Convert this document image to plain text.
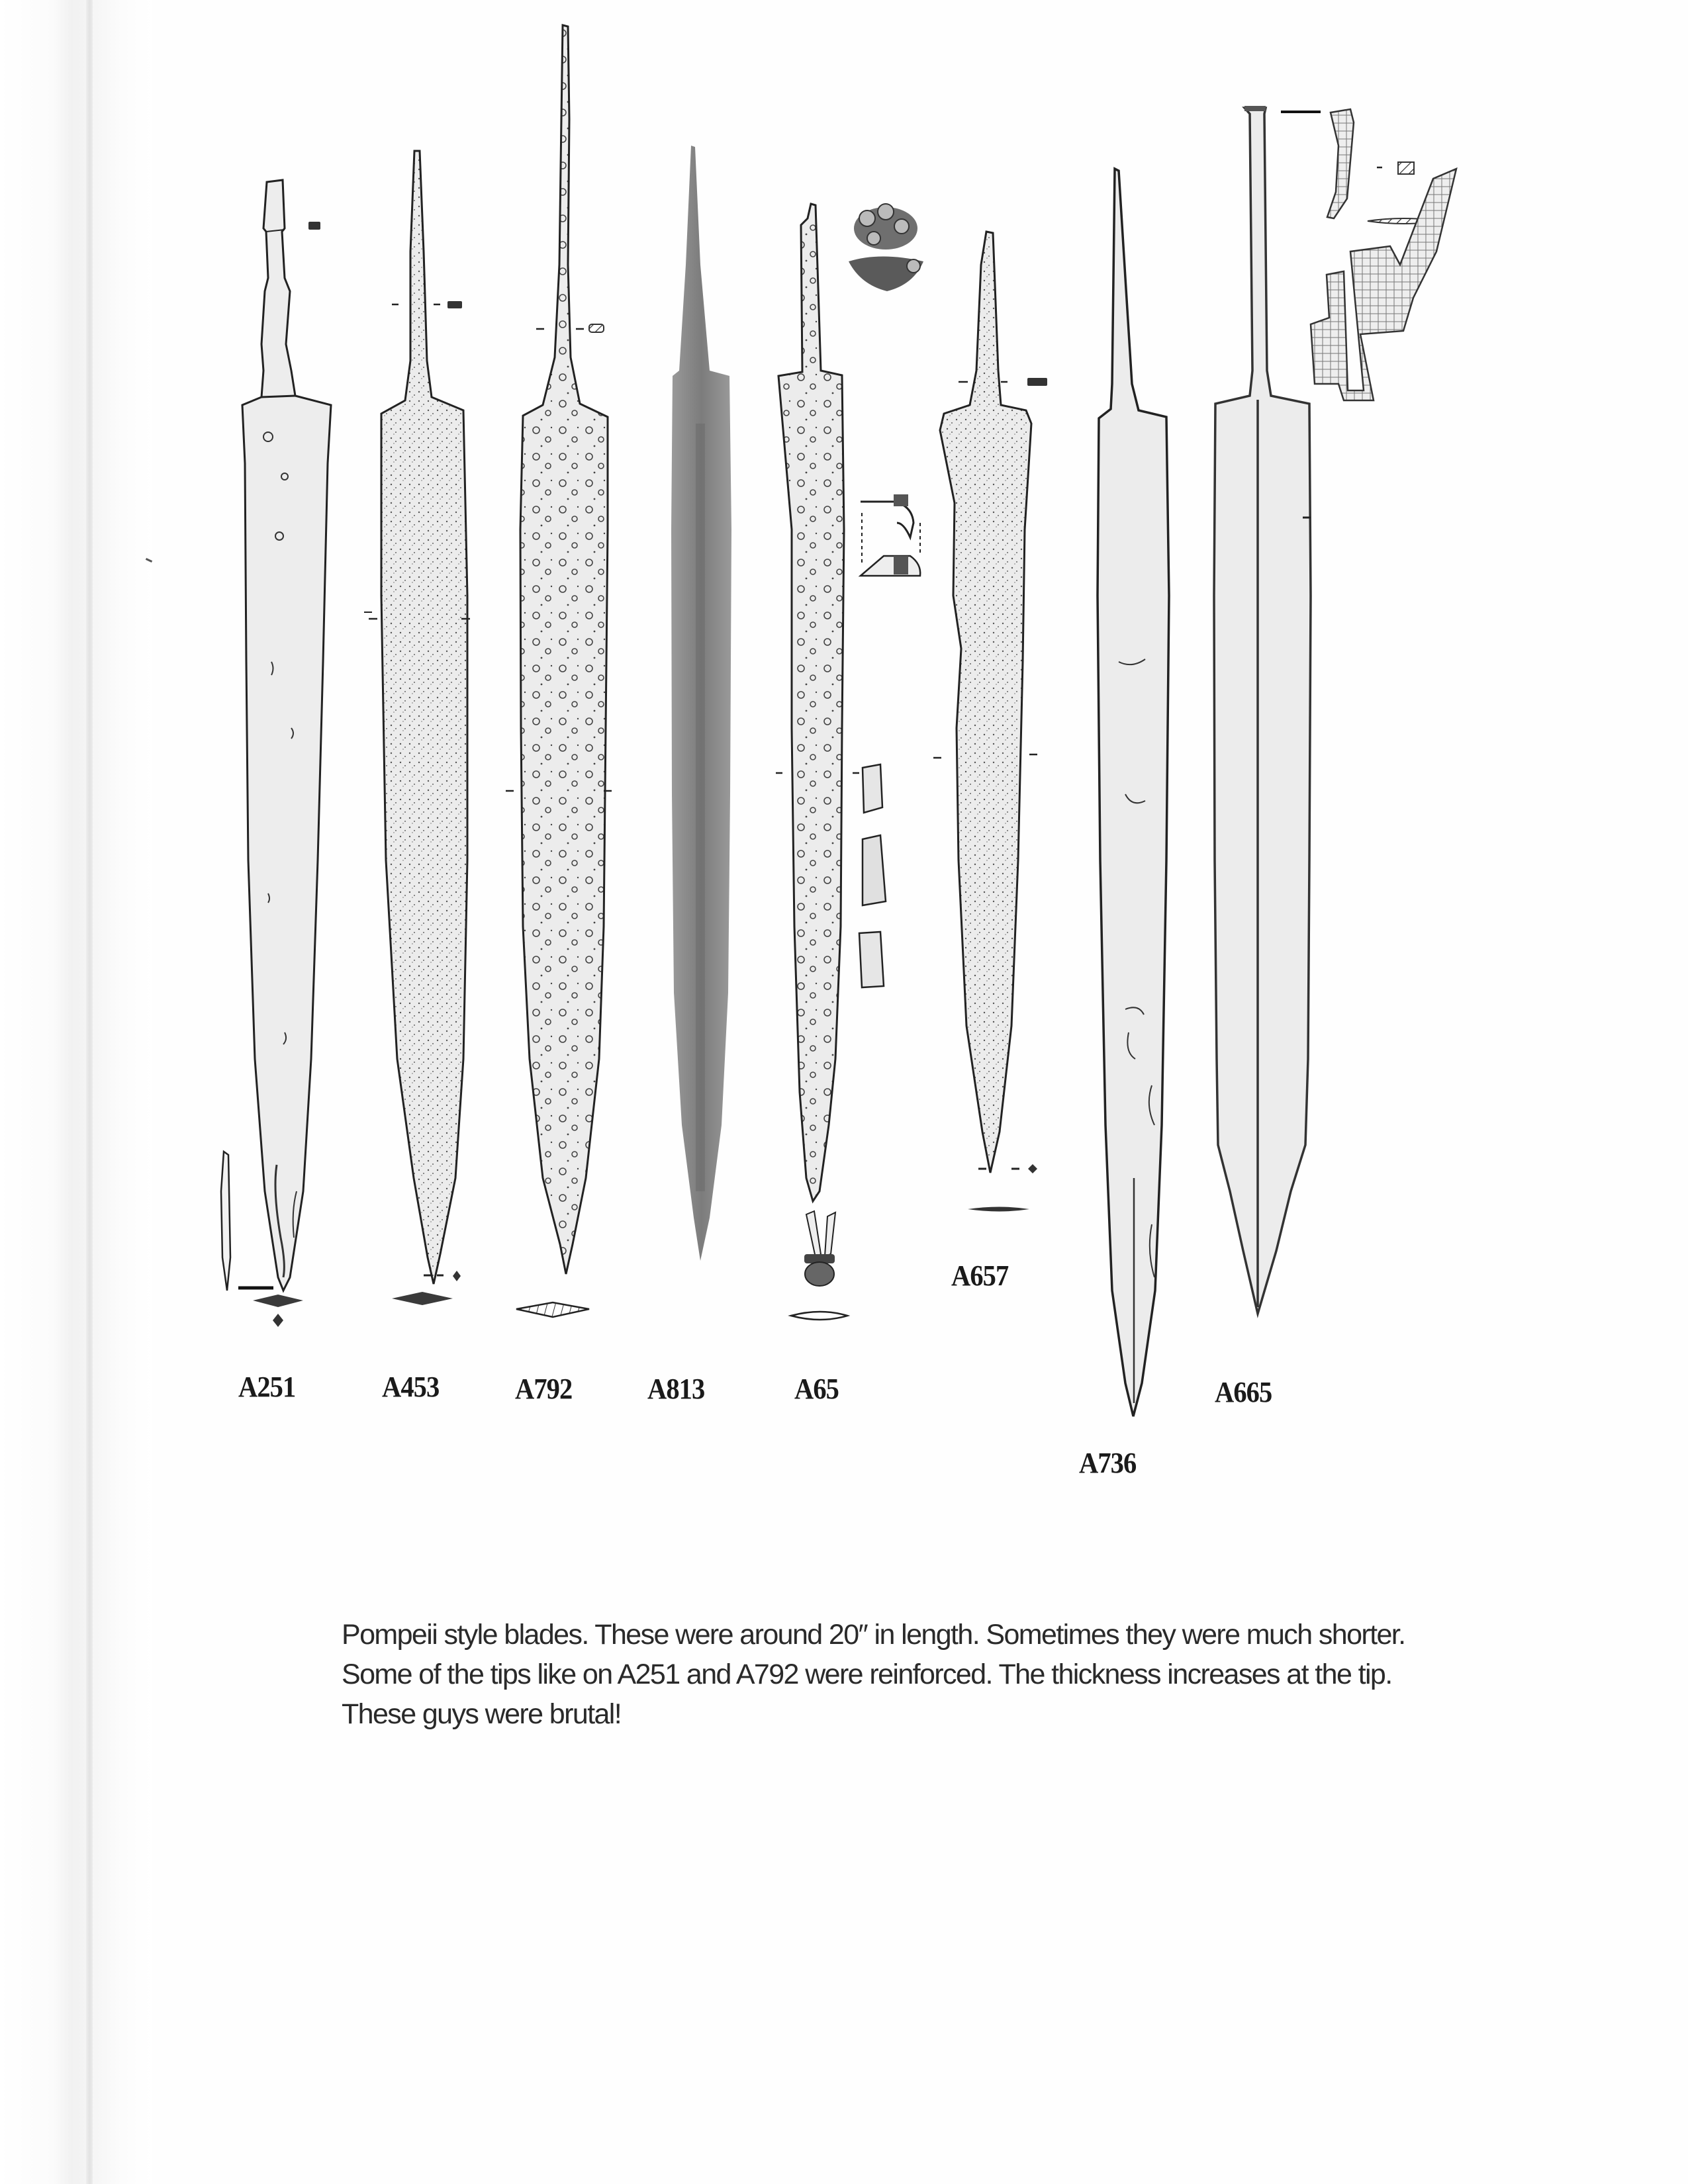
A251	A453	A792	A813	A65
A657
A736
A665

Pompeii style blades. These were around 20″ in length. Sometimes they were much shorter.

Some of the tips like on A251 and A792 were reinforced. The thickness increases at the tip.

These guys were brutal!
